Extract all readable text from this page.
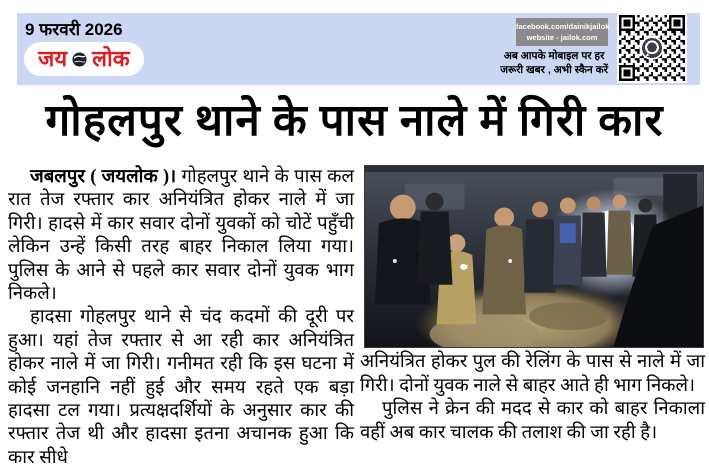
9 फरवरी 2026
जय लोक
facebook.com/dainikjailok
website - jailok.com
अब आपके मोबाइल पर हर
जरूरी खबर , अभी स्कैन करें
गोहलपुर थाने के पास नाले में गिरी कार

जबलपुर ( जयलोक )। गोहलपुर थाने के पास कल रात तेज रफ्तार कार अनियंत्रित होकर नाले में जा गिरी। हादसे में कार सवार दोनों युवकों को चोटें पहुँची लेकिन उन्हें किसी तरह बाहर निकाल लिया गया। पुलिस के आने से पहले कार सवार दोनों युवक भाग निकले।

हादसा गोहलपुर थाने से चंद कदमों की दूरी पर हुआ। यहां तेज रफ्तार से आ रही कार अनियंत्रित होकर नाले में जा गिरी। गनीमत रही कि इस घटना में कोई जनहानि नहीं हुई और समय रहते एक बड़ा हादसा टल गया। प्रत्यक्षदर्शियों के अनुसार कार की रफ्तार तेज थी और हादसा इतना अचानक हुआ कि कार सीधे

अनियंत्रित होकर पुल की रेलिंग के पास से नाले में जा गिरी। दोनों युवक नाले से बाहर आते ही भाग निकले।

पुलिस ने क्रेन की मदद से कार को बाहर निकाला वहीं अब कार चालक की तलाश की जा रही है।
